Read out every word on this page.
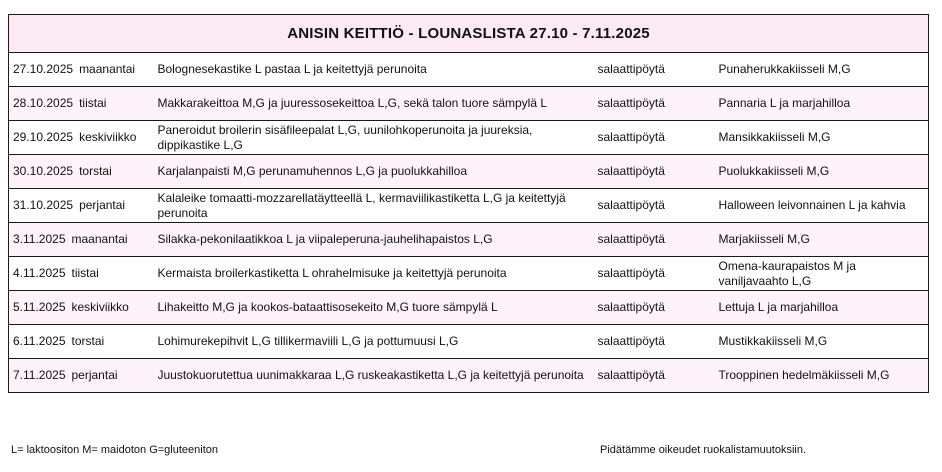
ANISIN KEITTIÖ - LOUNASLISTA 27.10 - 7.11.2025			
27.10.2025 maanantai	Bolognesekastike L pastaa L ja keitettyjä perunoita	salaattipöytä	Punaherukkakiisseli M,G
28.10.2025 tiistai	Makkarakeittoa M,G ja juuressosekeittoa L,G, sekä talon tuore sämpylä L	salaattipöytä	Pannaria L ja marjahilloa
29.10.2025 keskiviikko	Paneroidut broilerin sisäfileepalat L,G, uunilohkoperunoita ja juureksia, dippikastike L,G	salaattipöytä	Mansikkakiisseli M,G
30.10.2025 torstai	Karjalanpaisti M,G perunamuhennos L,G ja puolukkahilloa	salaattipöytä	Puolukkakiisseli M,G
31.10.2025 perjantai	Kalaleike tomaatti-mozzarellatäytteellä L, kermaviilikastiketta L,G ja keitettyjä perunoita	salaattipöytä	Halloween leivonnainen L ja kahvia
3.11.2025 maanantai	Silakka-pekonilaatikkoa L ja viipaleperuna-jauhelihapaistos L,G	salaattipöytä	Marjakiisseli M,G
4.11.2025 tiistai	Kermaista broilerkastiketta L ohrahelmisuke ja keitettyjä perunoita	salaattipöytä	Omena-kaurapaistos M ja vaniljavaahto L,G
5.11.2025 keskiviikko	Lihakeitto M,G ja kookos-bataattisosekeito M,G tuore sämpylä L	salaattipöytä	Lettuja L ja marjahilloa
6.11.2025 torstai	Lohimurekepihvit L,G tillikermaviili L,G ja pottumuusi L,G	salaattipöytä	Mustikkakiisseli M,G
7.11.2025 perjantai	Juustokuorutettua uunimakkaraa L,G ruskeakastiketta L,G ja keitettyjä perunoita	salaattipöytä	Trooppinen hedelmäkiisseli M,G
L= laktoositon M= maidoton G=gluteeniton	Pidätämme oikeudet ruokalistamuutoksiin.
